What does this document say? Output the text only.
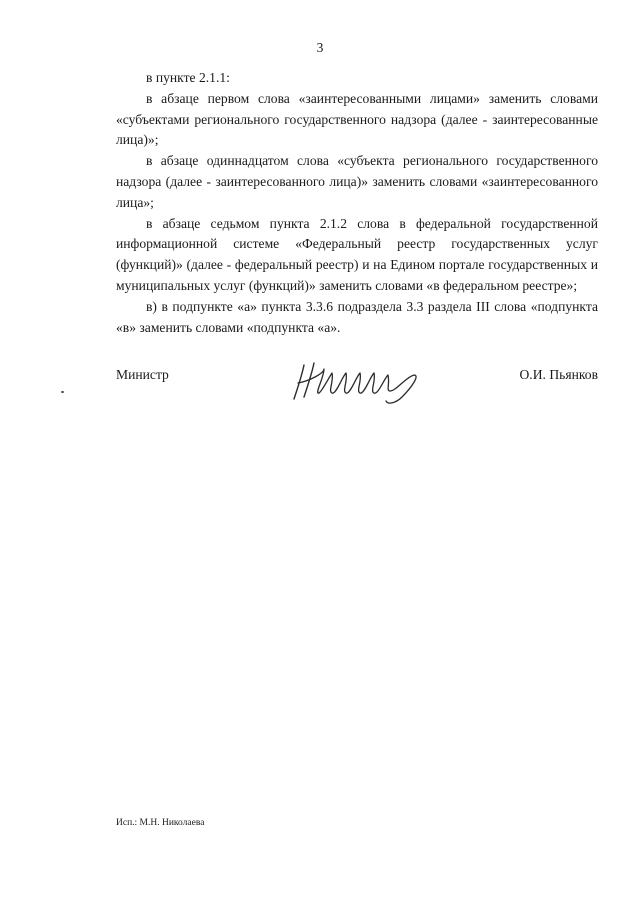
3

в пункте 2.1.1:

в абзаце первом слова «заинтересованными лицами» заменить словами «субъектами регионального государственного надзора (далее - заинтересованные лица)»;

в абзаце одиннадцатом слова «субъекта регионального государственного надзора (далее - заинтересованного лица)» заменить словами «заинтересованного лица»;

в абзаце седьмом пункта 2.1.2 слова в федеральной государственной информационной системе «Федеральный реестр государственных услуг (функций)» (далее - федеральный реестр) и на Едином портале государственных и муниципальных услуг (функций)» заменить словами «в федеральном реестре»;

в) в подпункте «а» пункта 3.3.6 подраздела 3.3 раздела III слова «подпункта «в» заменить словами «подпункта «а».

Министр	О.И. Пьянков
Исп.: М.Н. Николаева
